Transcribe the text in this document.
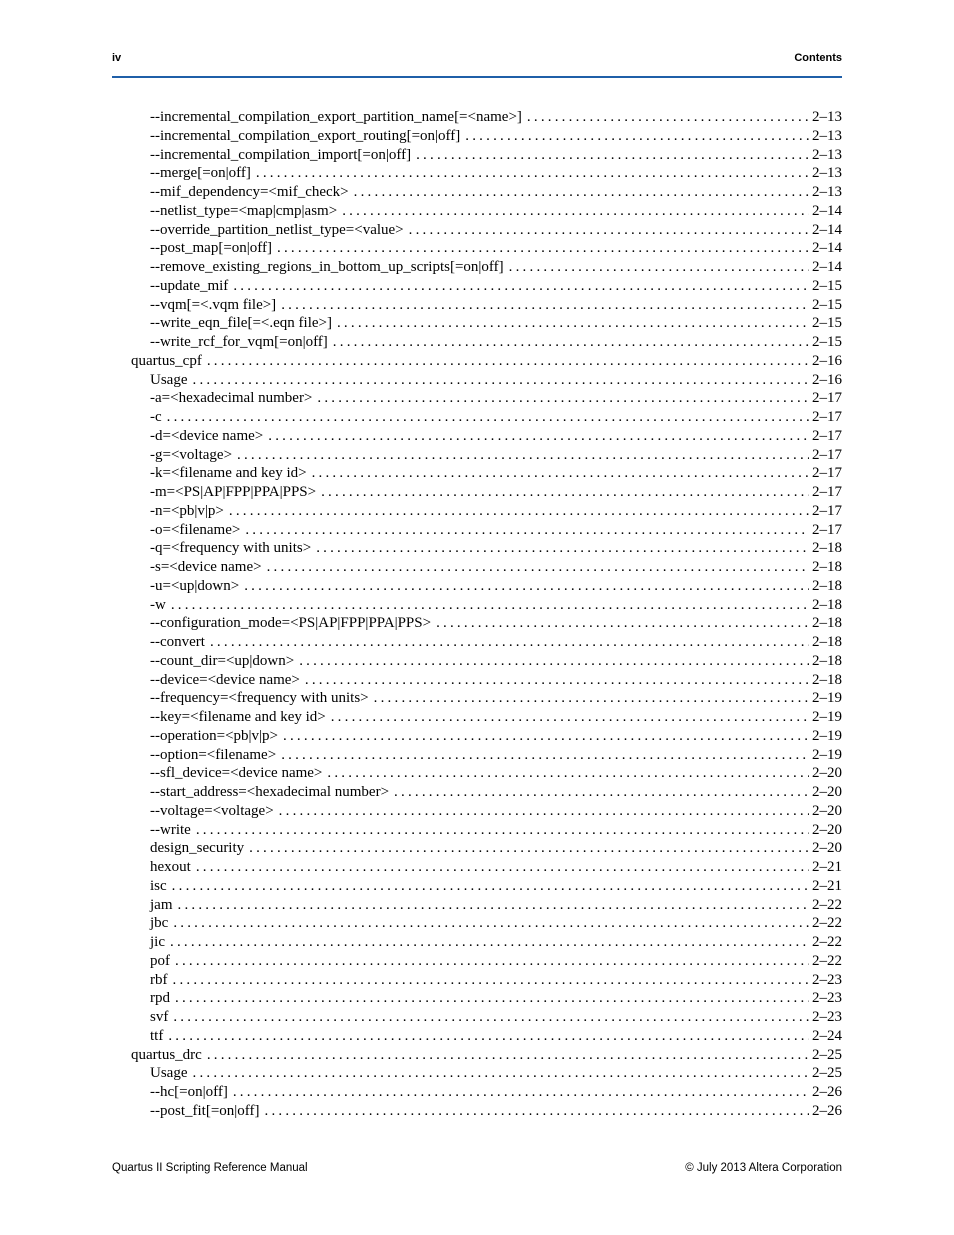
iv	Contents
--incremental_compilation_export_partition_name[=<name>] .....	2–13
--incremental_compilation_export_routing[=on|off] .....	2–13
--incremental_compilation_import[=on|off] .....	2–13
--merge[=on|off] .....	2–13
--mif_dependency=<mif_check> .....	2–13
--netlist_type=<map|cmp|asm> .....	2–14
--override_partition_netlist_type=<value> .....	2–14
--post_map[=on|off] .....	2–14
--remove_existing_regions_in_bottom_up_scripts[=on|off] .....	2–14
--update_mif .....	2–15
--vqm[=<.vqm file>] .....	2–15
--write_eqn_file[=<.eqn file>] .....	2–15
--write_rcf_for_vqm[=on|off] .....	2–15
quartus_cpf .....	2–16
Usage .....	2–16
-a=<hexadecimal number> .....	2–17
-c .....	2–17
-d=<device name> .....	2–17
-g=<voltage> .....	2–17
-k=<filename and key id> .....	2–17
-m=<PS|AP|FPP|PPA|PPS> .....	2–17
-n=<pb|v|p> .....	2–17
-o=<filename> .....	2–17
-q=<frequency with units> .....	2–18
-s=<device name> .....	2–18
-u=<up|down> .....	2–18
-w .....	2–18
--configuration_mode=<PS|AP|FPP|PPA|PPS> .....	2–18
--convert .....	2–18
--count_dir=<up|down> .....	2–18
--device=<device name> .....	2–18
--frequency=<frequency with units> .....	2–19
--key=<filename and key id> .....	2–19
--operation=<pb|v|p> .....	2–19
--option=<filename> .....	2–19
--sfl_device=<device name> .....	2–20
--start_address=<hexadecimal number> .....	2–20
--voltage=<voltage> .....	2–20
--write .....	2–20
design_security .....	2–20
hexout .....	2–21
isc .....	2–21
jam .....	2–22
jbc .....	2–22
jic .....	2–22
pof .....	2–22
rbf .....	2–23
rpd .....	2–23
svf .....	2–23
ttf .....	2–24
quartus_drc .....	2–25
Usage .....	2–25
--hc[=on|off] .....	2–26
--post_fit[=on|off] .....	2–26
Quartus II Scripting Reference Manual	© July 2013 Altera Corporation
